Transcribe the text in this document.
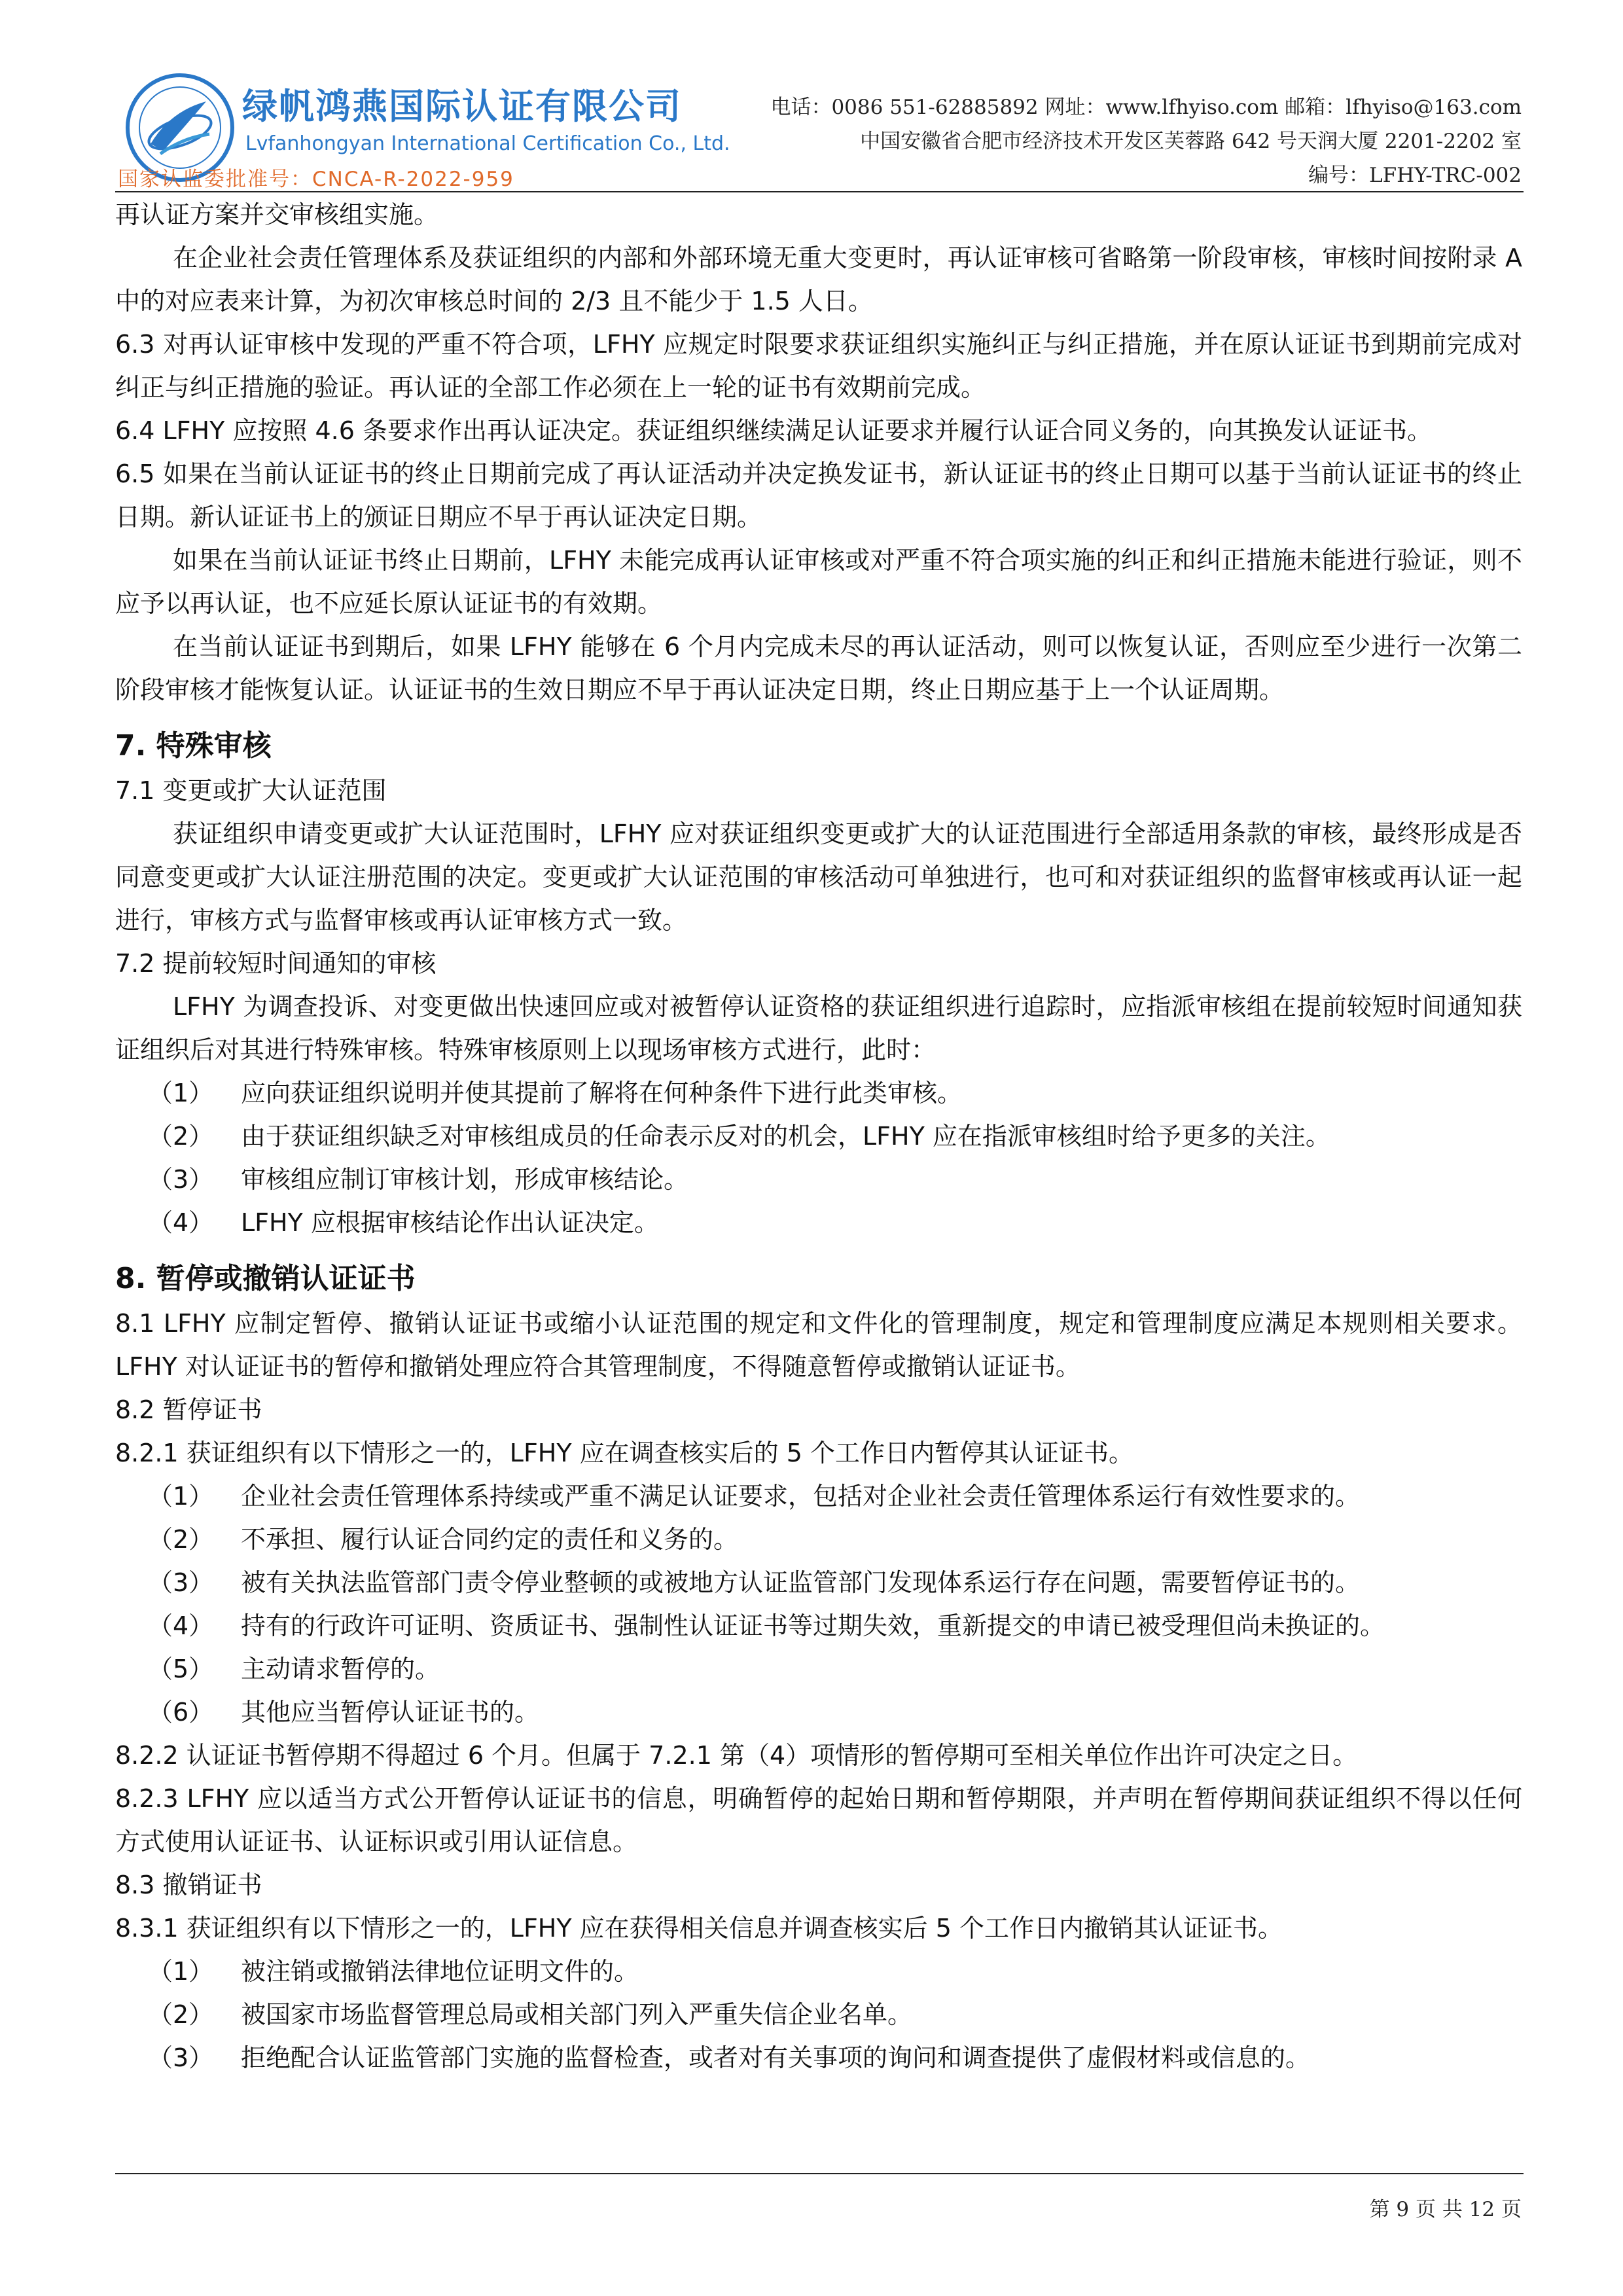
绿帆鸿燕国际认证有限公司
Lvfanhongyan International Certification Co., Ltd.
国家认监委批准号：CNCA-R-2022-959
电话：0086 551-62885892 网址：www.lfhyiso.com 邮箱：lfhyiso@163.com
中国安徽省合肥市经济技术开发区芙蓉路 642 号天润大厦 2201-2202 室
编号：LFHY-TRC-002

再认证方案并交审核组实施。

在企业社会责任管理体系及获证组织的内部和外部环境无重大变更时，再认证审核可省略第一阶段审核，审核时间按附录 A 中的对应表来计算，为初次审核总时间的 2/3 且不能少于 1.5 人日。

6.3 对再认证审核中发现的严重不符合项，LFHY 应规定时限要求获证组织实施纠正与纠正措施，并在原认证证书到期前完成对纠正与纠正措施的验证。再认证的全部工作必须在上一轮的证书有效期前完成。

6.4 LFHY 应按照 4.6 条要求作出再认证决定。获证组织继续满足认证要求并履行认证合同义务的，向其换发认证证书。

6.5 如果在当前认证证书的终止日期前完成了再认证活动并决定换发证书，新认证证书的终止日期可以基于当前认证证书的终止日期。新认证证书上的颁证日期应不早于再认证决定日期。

如果在当前认证证书终止日期前，LFHY 未能完成再认证审核或对严重不符合项实施的纠正和纠正措施未能进行验证，则不应予以再认证，也不应延长原认证证书的有效期。

在当前认证证书到期后，如果 LFHY 能够在 6 个月内完成未尽的再认证活动，则可以恢复认证，否则应至少进行一次第二阶段审核才能恢复认证。认证证书的生效日期应不早于再认证决定日期，终止日期应基于上一个认证周期。

7. 特殊审核

7.1 变更或扩大认证范围

获证组织申请变更或扩大认证范围时，LFHY 应对获证组织变更或扩大的认证范围进行全部适用条款的审核，最终形成是否同意变更或扩大认证注册范围的决定。变更或扩大认证范围的审核活动可单独进行，也可和对获证组织的监督审核或再认证一起进行，审核方式与监督审核或再认证审核方式一致。

7.2 提前较短时间通知的审核

LFHY 为调查投诉、对变更做出快速回应或对被暂停认证资格的获证组织进行追踪时，应指派审核组在提前较短时间通知获证组织后对其进行特殊审核。特殊审核原则上以现场审核方式进行，此时：

（1） 应向获证组织说明并使其提前了解将在何种条件下进行此类审核。
（2） 由于获证组织缺乏对审核组成员的任命表示反对的机会，LFHY 应在指派审核组时给予更多的关注。
（3） 审核组应制订审核计划，形成审核结论。
（4） LFHY 应根据审核结论作出认证决定。
8. 暂停或撤销认证证书

8.1 LFHY 应制定暂停、撤销认证证书或缩小认证范围的规定和文件化的管理制度，规定和管理制度应满足本规则相关要求。LFHY 对认证证书的暂停和撤销处理应符合其管理制度，不得随意暂停或撤销认证证书。

8.2 暂停证书

8.2.1 获证组织有以下情形之一的，LFHY 应在调查核实后的 5 个工作日内暂停其认证证书。

（1） 企业社会责任管理体系持续或严重不满足认证要求，包括对企业社会责任管理体系运行有效性要求的。
（2） 不承担、履行认证合同约定的责任和义务的。
（3） 被有关执法监管部门责令停业整顿的或被地方认证监管部门发现体系运行存在问题，需要暂停证书的。
（4） 持有的行政许可证明、资质证书、强制性认证证书等过期失效，重新提交的申请已被受理但尚未换证的。
（5） 主动请求暂停的。
（6） 其他应当暂停认证证书的。

8.2.2 认证证书暂停期不得超过 6 个月。但属于 7.2.1 第（4）项情形的暂停期可至相关单位作出许可决定之日。

8.2.3 LFHY 应以适当方式公开暂停认证证书的信息，明确暂停的起始日期和暂停期限，并声明在暂停期间获证组织不得以任何方式使用认证证书、认证标识或引用认证信息。

8.3 撤销证书

8.3.1 获证组织有以下情形之一的，LFHY 应在获得相关信息并调查核实后 5 个工作日内撤销其认证证书。

（1） 被注销或撤销法律地位证明文件的。
（2） 被国家市场监督管理总局或相关部门列入严重失信企业名单。
（3） 拒绝配合认证监管部门实施的监督检查，或者对有关事项的询问和调查提供了虚假材料或信息的。
第 9 页 共 12 页
